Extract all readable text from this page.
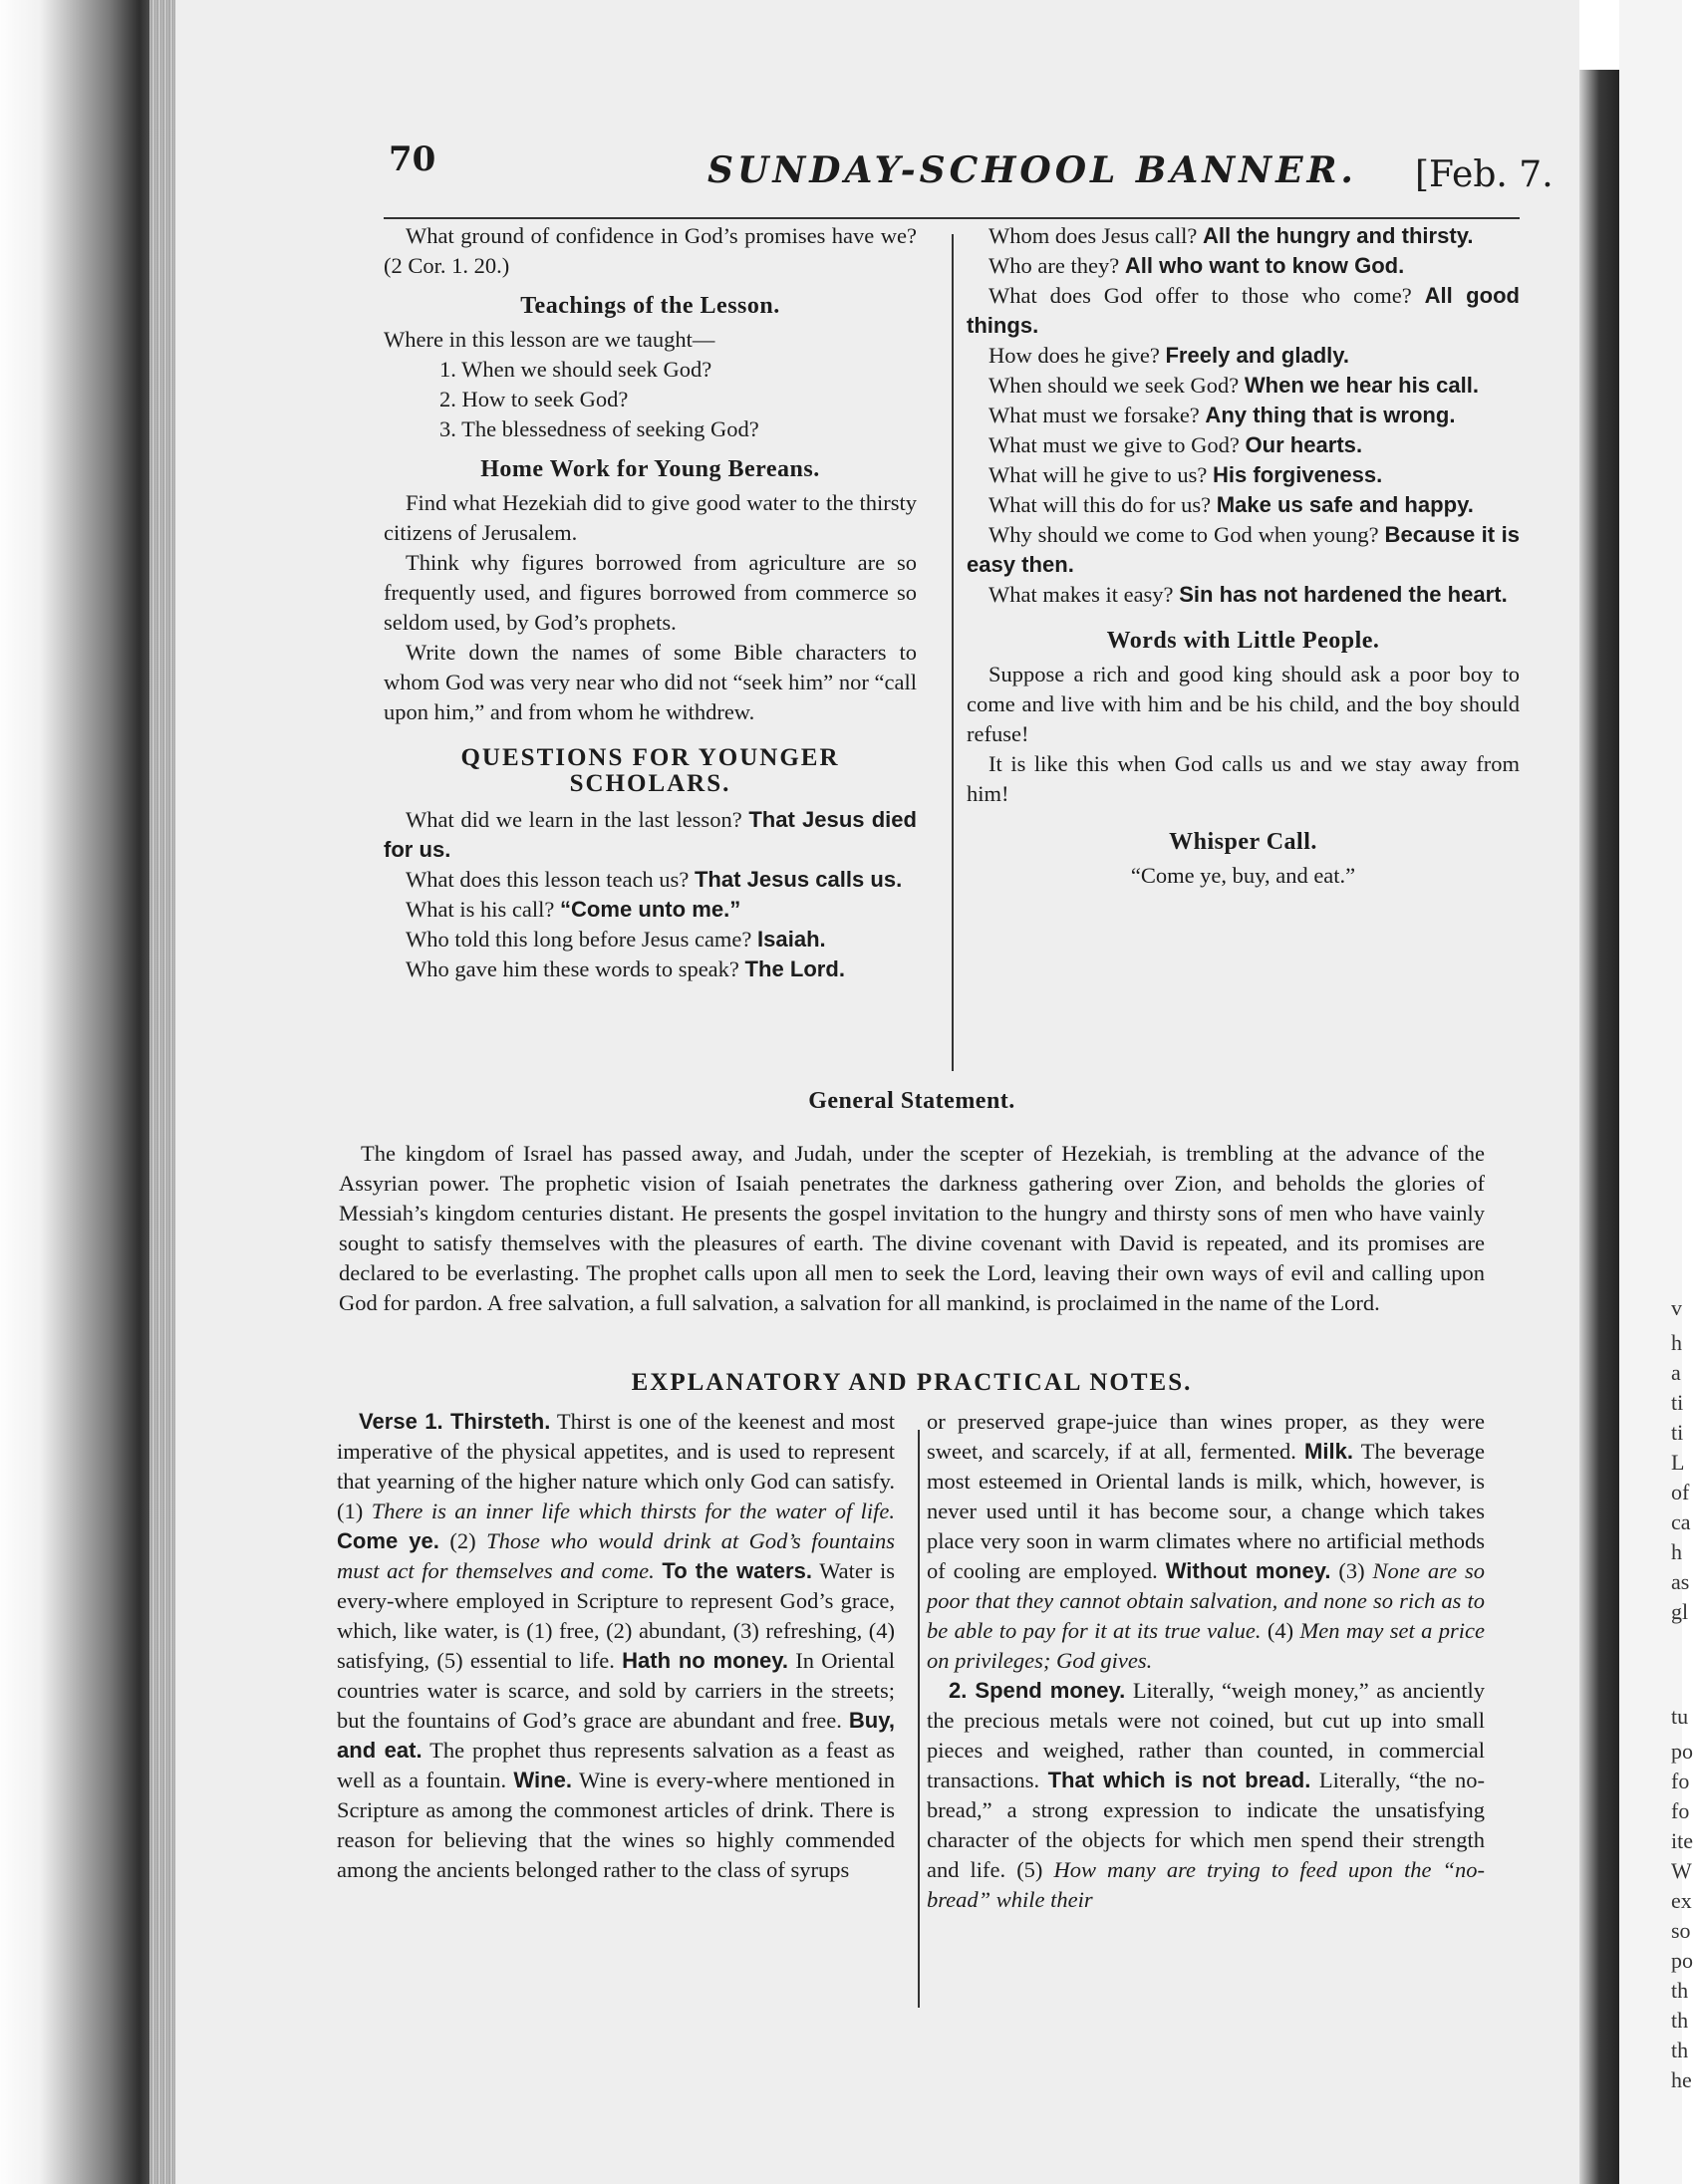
v
h
a
ti
ti
L
of
ca
h
as
gl
tu
po
fo
fo
ite
W
ex
so
po
th
th
th
he
70	SUNDAY-SCHOOL BANNER. [Feb. 7.

What ground of confidence in God’s promises have we? (2 Cor. 1. 20.)

Teachings of the Lesson.

Where in this lesson are we taught—

1. When we should seek God?

2. How to seek God?

3. The blessedness of seeking God?

Home Work for Young Bereans.

Find what Hezekiah did to give good water to the thirsty citizens of Jerusalem.

Think why figures borrowed from agriculture are so frequently used, and figures borrowed from commerce so seldom used, by God’s prophets.

Write down the names of some Bible characters to whom God was very near who did not “seek him” nor “call upon him,” and from whom he withdrew.

QUESTIONS FOR YOUNGER SCHOLARS.

What did we learn in the last lesson? That Jesus died for us.

What does this lesson teach us? That Jesus calls us.

What is his call? “Come unto me.”

Who told this long before Jesus came? Isaiah.

Who gave him these words to speak? The Lord.

Whom does Jesus call? All the hungry and thirsty.

Who are they? All who want to know God.

What does God offer to those who come? All good things.

How does he give? Freely and gladly.

When should we seek God? When we hear his call.

What must we forsake? Any thing that is wrong.

What must we give to God? Our hearts.

What will he give to us? His forgiveness.

What will this do for us? Make us safe and happy.

Why should we come to God when young? Because it is easy then.

What makes it easy? Sin has not hardened the heart.

Words with Little People.

Suppose a rich and good king should ask a poor boy to come and live with him and be his child, and the boy should refuse!

It is like this when God calls us and we stay away from him!

Whisper Call.

“Come ye, buy, and eat.”

General Statement.

The kingdom of Israel has passed away, and Judah, under the scepter of Hezekiah, is trembling at the advance of the Assyrian power. The prophetic vision of Isaiah penetrates the darkness gathering over Zion, and beholds the glories of Messiah’s kingdom centuries distant. He presents the gospel invitation to the hungry and thirsty sons of men who have vainly sought to satisfy themselves with the pleasures of earth. The divine covenant with David is repeated, and its promises are declared to be everlasting. The prophet calls upon all men to seek the Lord, leaving their own ways of evil and calling upon God for pardon. A free salvation, a full salvation, a salvation for all mankind, is proclaimed in the name of the Lord.

EXPLANATORY AND PRACTICAL NOTES.

Verse 1. Thirsteth. Thirst is one of the keenest and most imperative of the physical appetites, and is used to represent that yearning of the higher nature which only God can satisfy. (1) There is an inner life which thirsts for the water of life. Come ye. (2) Those who would drink at God’s fountains must act for themselves and come. To the waters. Water is every-where employed in Scripture to represent God’s grace, which, like water, is (1) free, (2) abundant, (3) refreshing, (4) satisfying, (5) essential to life. Hath no money. In Oriental countries water is scarce, and sold by carriers in the streets; but the fountains of God’s grace are abundant and free. Buy, and eat. The prophet thus represents salvation as a feast as well as a fountain. Wine. Wine is every-where mentioned in Scripture as among the commonest articles of drink. There is reason for believing that the wines so highly commended among the ancients belonged rather to the class of syrups

or preserved grape-juice than wines proper, as they were sweet, and scarcely, if at all, fermented. Milk. The beverage most esteemed in Oriental lands is milk, which, however, is never used until it has become sour, a change which takes place very soon in warm climates where no artificial methods of cooling are employed. Without money. (3) None are so poor that they cannot obtain salvation, and none so rich as to be able to pay for it at its true value. (4) Men may set a price on privileges; God gives.

2. Spend money. Literally, “weigh money,” as anciently the precious metals were not coined, but cut up into small pieces and weighed, rather than counted, in commercial transactions. That which is not bread. Literally, “the no-bread,” a strong expression to indicate the unsatisfying character of the objects for which men spend their strength and life. (5) How many are trying to feed upon the “no-bread” while their
